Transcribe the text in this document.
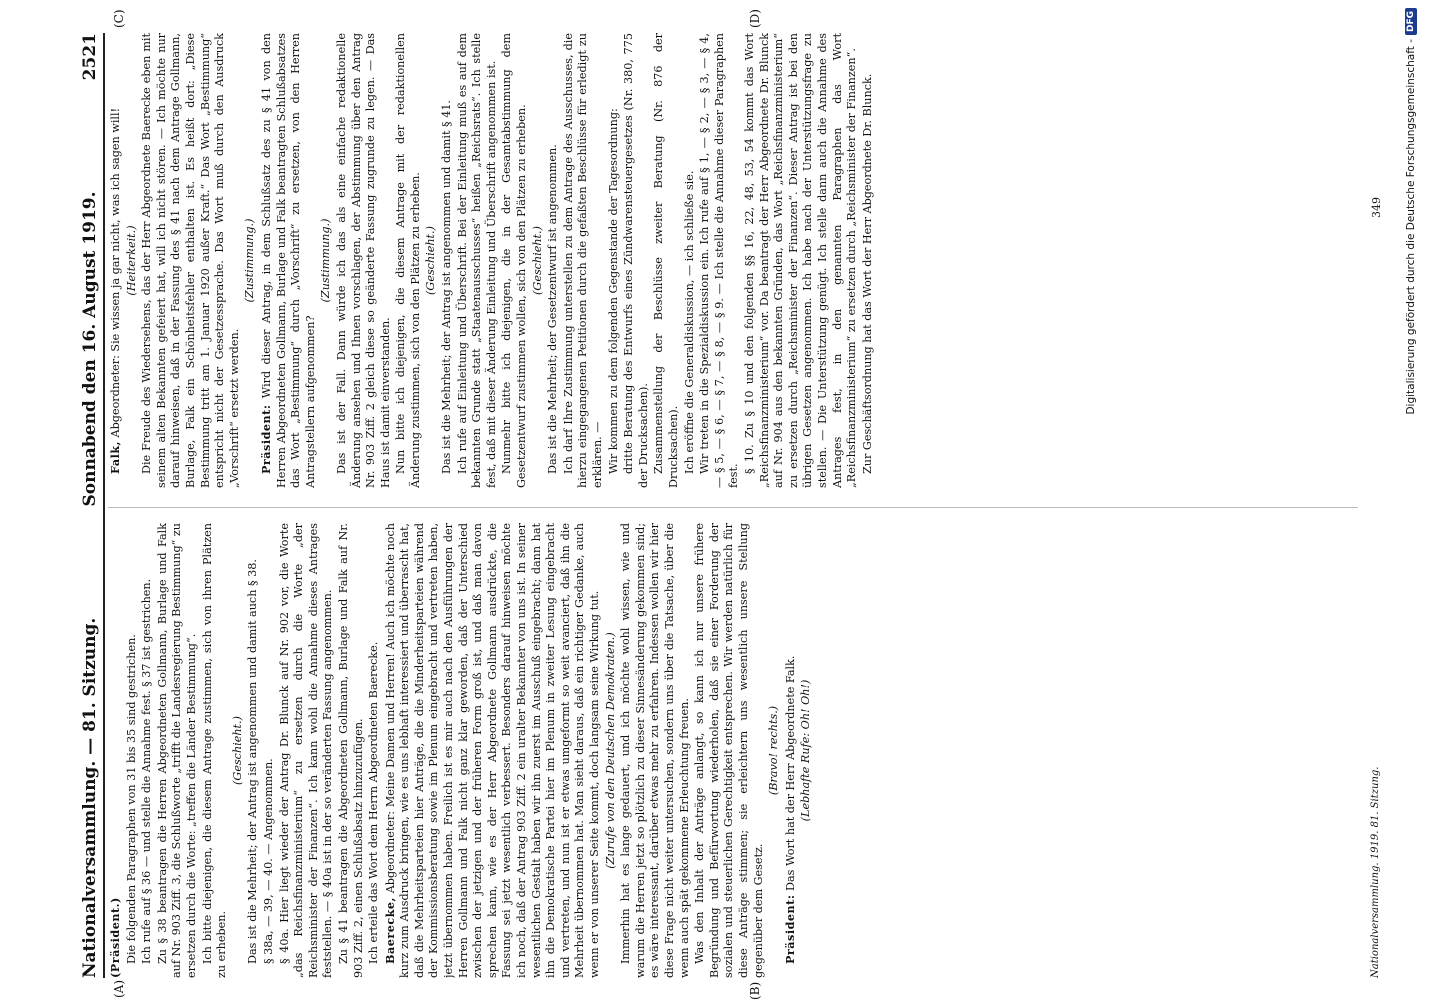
Nationalversammlung. — 81. Sitzung.
Sonnabend den 16. August 1919.
2521
(A)	(B)
(C)	(D)

(Präsident.) Die folgenden Paragraphen von 31 bis 35 sind gestrichen. Ich rufe auf § 36 — und stelle die Annahme fest. § 37 ist gestrichen. Zu § 38 beantragen die Herren Abgeordneten Gollmann, Burlage und Falk auf Nr. 903 Ziff. 3, die Schlußworte „trifft die Landesregierung Bestimmung“ zu ersetzen durch die Worte: „treffen die Länder Bestimmung“. Ich bitte diejenigen, die diesem Antrage zustimmen, sich von ihren Plätzen zu erheben.

(Geschieht.) Das ist die Mehrheit; der Antrag ist angenommen und damit auch § 38. § 38a, — 39, — 40. — Angenommen. § 40a. Hier liegt wieder der Antrag Dr. Blunck auf Nr. 902 vor, die Worte „das Reichsfinanzministerium“ zu ersetzen durch die Worte „der Reichsminister der Finanzen“. Ich kann wohl die Annahme dieses Antrages feststellen. — § 40a ist in der so veränderten Fassung angenommen. Zu § 41 beantragen die Abgeordneten Gollmann, Burlage und Falk auf Nr. 903 Ziff. 2, einen Schlußabsatz hinzuzufügen. Ich erteile das Wort dem Herrn Abgeordneten Baerecke. Baerecke, Abgeordneter: Meine Damen und Herren! Auch ich möchte noch kurz zum Ausdruck bringen, wie es uns lebhaft interessiert und überrascht hat, daß die Mehrheitsparteien hier Anträge, die die Minderheitsparteien während der Kommissionsberatung sowie im Plenum eingebracht und vertreten haben, jetzt übernommen haben. Freilich ist es mir auch nach den Ausführungen der Herren Gollmann und Falk nicht ganz klar geworden, daß der Unterschied zwischen der jetzigen und der früheren Form groß ist, und daß man davon sprechen kann, wie es der Herr Abgeordnete Gollmann ausdrückte, die Fassung sei jetzt wesentlich verbessert. Besonders darauf hinweisen möchte ich noch, daß der Antrag 903 Ziff. 2 ein uralter Bekannter von uns ist. In seiner wesentlichen Gestalt haben wir ihn zuerst im Ausschuß eingebracht; dann hat ihn die Demokratische Partei hier im Plenum in zweiter Lesung eingebracht und vertreten, und nun ist er etwas umgeformt so weit avanciert, daß ihn die Mehrheit übernommen hat. Man sieht daraus, daß ein richtiger Gedanke, auch wenn er von unserer Seite kommt, doch langsam seine Wirkung tut. (Zurufe von den Deutschen Demokraten.) Immerhin hat es lange gedauert, und ich möchte wohl wissen, wie und warum die Herren jetzt so plötzlich zu dieser Sinnesänderung gekommen sind; es wäre interessant, darüber etwas mehr zu erfahren. Indessen wollen wir hier diese Frage nicht weiter untersuchen, sondern uns über die Tatsache, über die wenn auch spät gekommene Erleuchtung freuen. Was den Inhalt der Anträge anlangt, so kann ich nur unsere frühere Begründung und Befürwortung wiederholen, daß sie einer Forderung der sozialen und steuerlichen Gerechtigkeit entsprechen. Wir werden natürlich für diese Anträge stimmen; sie erleichtern uns wesentlich unsere Stellung gegenüber dem Gesetz.

(Bravo! rechts.)

Präsident: Das Wort hat der Herr Abgeordnete Falk. (Lebhafte Rufe: Oh! Oh!)

Falk, Abgeordneter: Sie wissen ja gar nicht, was ich sagen will! (Heiterkeit.) Die Freude des Wiedersehens, das der Herr Abgeordnete Baerecke eben mit seinem alten Bekannten gefeiert hat, will ich nicht stören. — Ich möchte nur darauf hinweisen, daß in der Fassung des § 41 nach dem Antrage Gollmann, Burlage, Falk ein Schönheitsfehler enthalten ist. Es heißt dort: „Diese Bestimmung tritt am 1. Januar 1920 außer Kraft.“ Das Wort „Bestimmung“ entspricht nicht der Gesetzessprache. Das Wort muß durch den Ausdruck „Vorschrift“ ersetzt werden.

(Zustimmung.)

Präsident: Wird dieser Antrag, in dem Schlußsatz des zu § 41 von den Herren Abgeordneten Gollmann, Burlage und Falk beantragten Schlußabsatzes das Wort „Bestimmung“ durch „Vorschrift“ zu ersetzen, von den Herren Antragstellern aufgenommen?

(Zustimmung.) Das ist der Fall. Dann würde ich das als eine einfache redaktionelle Änderung ansehen und Ihnen vorschlagen, der Abstimmung über den Antrag Nr. 903 Ziff. 2 gleich diese so geänderte Fassung zugrunde zu legen. — Das Haus ist damit einverstanden. Nun bitte ich diejenigen, die diesem Antrage mit der redaktionellen Änderung zustimmen, sich von den Plätzen zu erheben. (Geschieht.) Das ist die Mehrheit; der Antrag ist angenommen und damit § 41. Ich rufe auf Einleitung und Überschrift. Bei der Einleitung muß es auf dem bekannten Grunde statt „Staatenausschusses“ heißen „Reichsrats“. Ich stelle fest, daß mit dieser Änderung Einleitung und Überschrift angenommen ist. Nunmehr bitte ich diejenigen, die in der Gesamtabstimmung dem Gesetzentwurf zustimmen wollen, sich von den Plätzen zu erheben. (Geschieht.) Das ist die Mehrheit; der Gesetzentwurf ist angenommen. Ich darf Ihre Zustimmung unterstellen zu dem Antrage des Ausschusses, die hierzu eingegangenen Petitionen durch die gefaßten Beschlüsse für erledigt zu erklären. — Wir kommen zu dem folgenden Gegenstande der Tagesordnung: dritte Beratung des Entwurfs eines Zündwarensteuergesetzes (Nr. 380, 775 der Drucksachen). Zusammenstellung der Beschlüsse zweiter Beratung (Nr. 876 der Drucksachen). Ich eröffne die Generaldiskussion, — ich schließe sie. Wir treten in die Spezialdiskussion ein. Ich rufe auf § 1, — § 2, — § 3, — § 4, — § 5, — § 6, — § 7, — § 8, — § 9. — Ich stelle die Annahme dieser Paragraphen fest.

§ 10. Zu § 10 und den folgenden §§ 16, 22, 48, 53, 54 kommt das Wort „Reichsfinanzministerium“ vor. Da beantragt der Herr Abgeordnete Dr. Blunck auf Nr. 904 aus den bekannten Gründen, das Wort „Reichsfinanzministerium“ zu ersetzen durch „Reichsminister der Finanzen“. Dieser Antrag ist bei den übrigen Gesetzen angenommen. Ich habe nach der Unterstützungsfrage zu stellen. — Die Unterstützung genügt. Ich stelle dann auch die Annahme des Antrages fest, in den genannten Paragraphen das Wort „Reichsfinanzministerium“ zu ersetzen durch „Reichsminister der Finanzen“. Zur Geschäftsordnung hat das Wort der Herr Abgeordnete Dr. Blunck.

Nationalversammlung. 1919. 81. Sitzung.
349 Digitalisierung gefördert durch die Deutsche Forschungsgemeinschaft -
DFG
